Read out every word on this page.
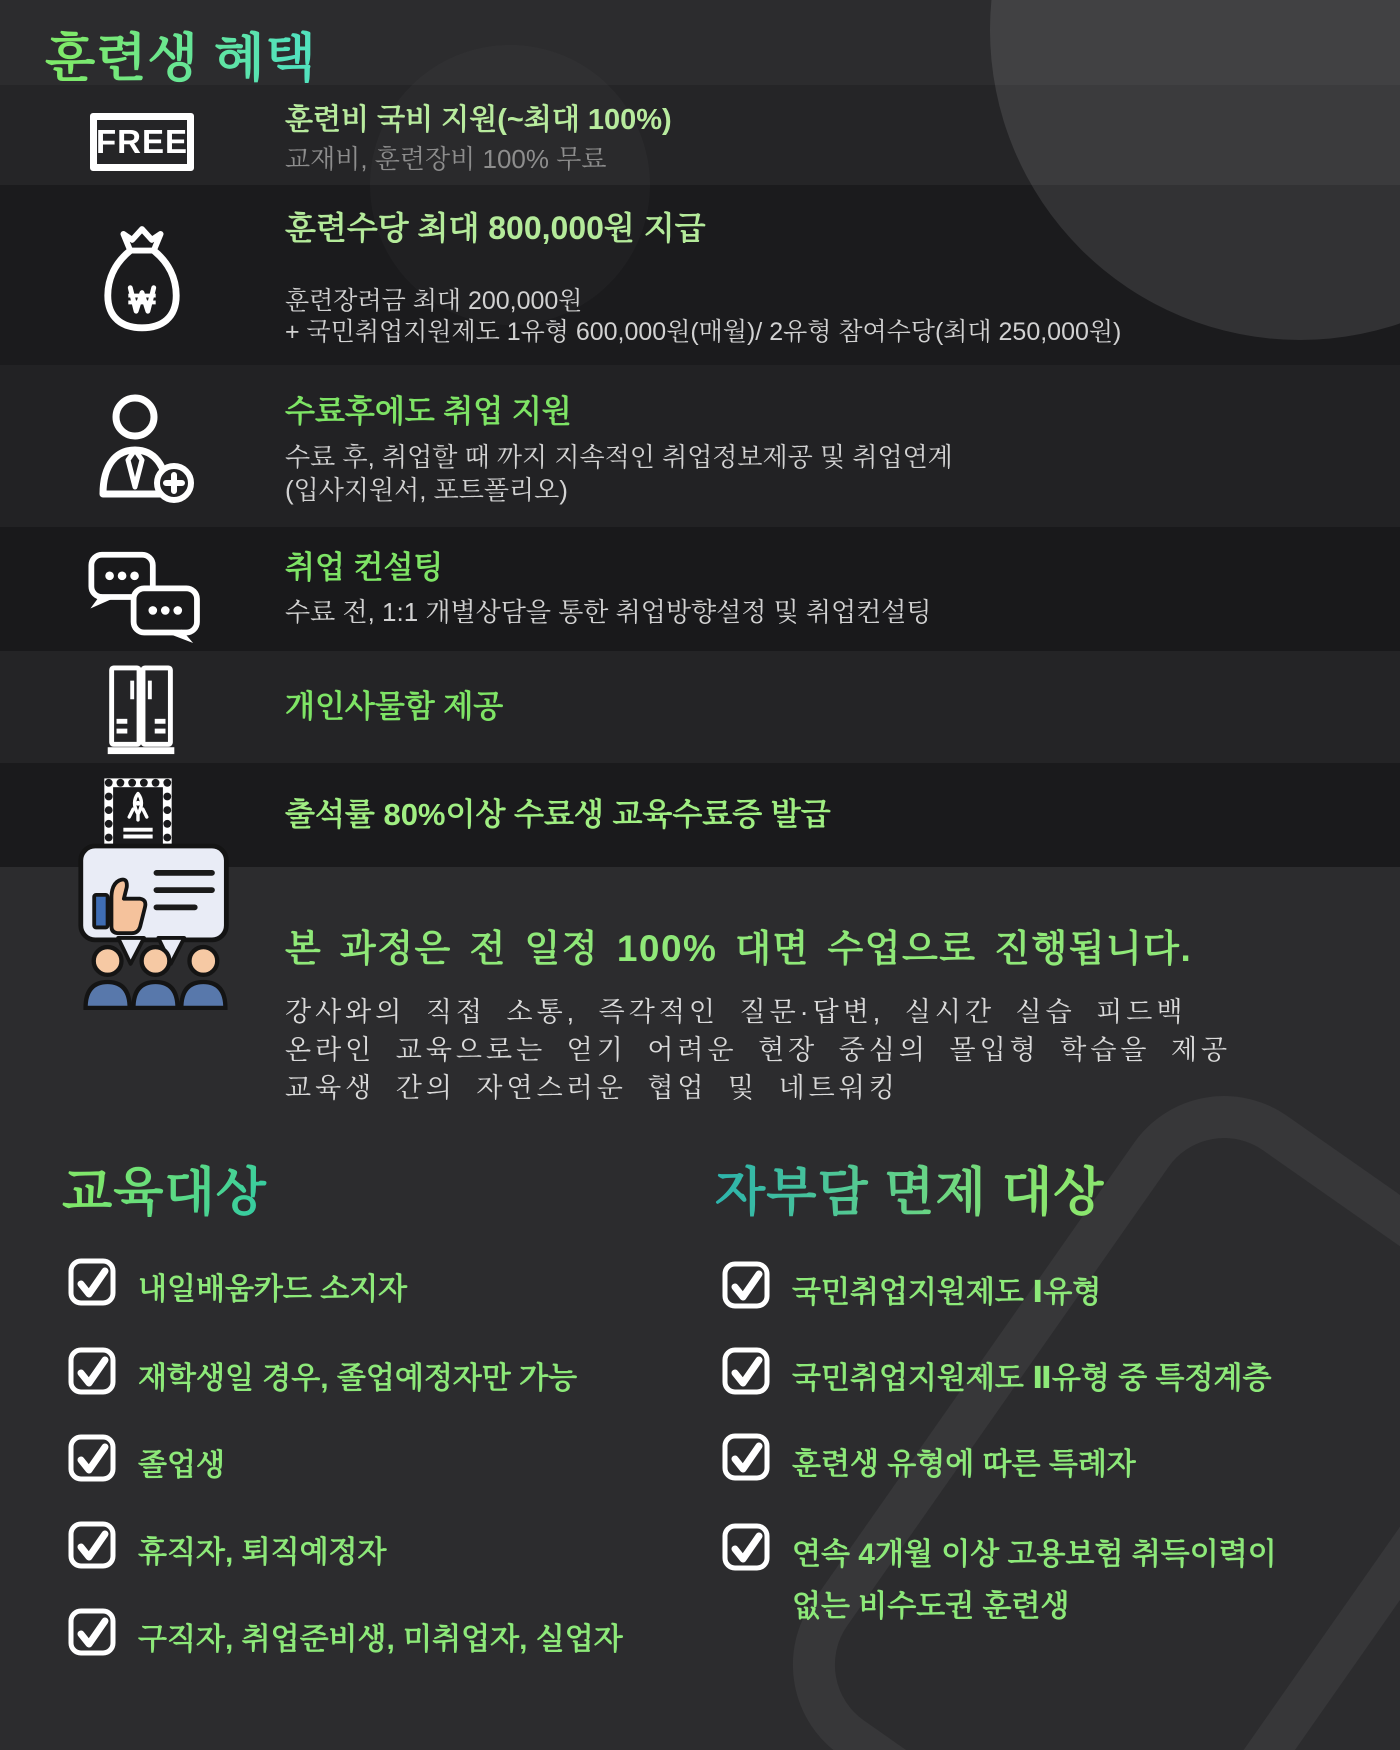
훈련생 혜택
FREE
훈련비 국비 지원(~최대 100%)
교재비, 훈련장비 100% 무료
훈련수당 최대 800,000원 지급
훈련장려금 최대 200,000원
+ 국민취업지원제도 1유형 600,000원(매월)/ 2유형 참여수당(최대 250,000원)
수료후에도 취업 지원
수료 후, 취업할 때 까지 지속적인 취업정보제공 및 취업연계
(입사지원서, 포트폴리오)
취업 컨설팅
수료 전, 1:1 개별상담을 통한 취업방향설정 및 취업컨설팅
개인사물함 제공
출석률 80%이상 수료생 교육수료증 발급
본 과정은 전 일정 100% 대면 수업으로 진행됩니다.
강사와의 직접 소통, 즉각적인 질문·답변, 실시간 실습 피드백
온라인 교육으로는 얻기 어려운 현장 중심의 몰입형 학습을 제공
교육생 간의 자연스러운 협업 및 네트워킹
교육대상	자부담 면제 대상
내일배움카드 소지자
재학생일 경우, 졸업예정자만 가능
졸업생
휴직자, 퇴직예정자
구직자, 취업준비생, 미취업자, 실업자
국민취업지원제도 Ⅰ유형
국민취업지원제도 Ⅱ유형 중 특정계층
훈련생 유형에 따른 특례자
연속 4개월 이상 고용보험 취득이력이 없는 비수도권 훈련생
